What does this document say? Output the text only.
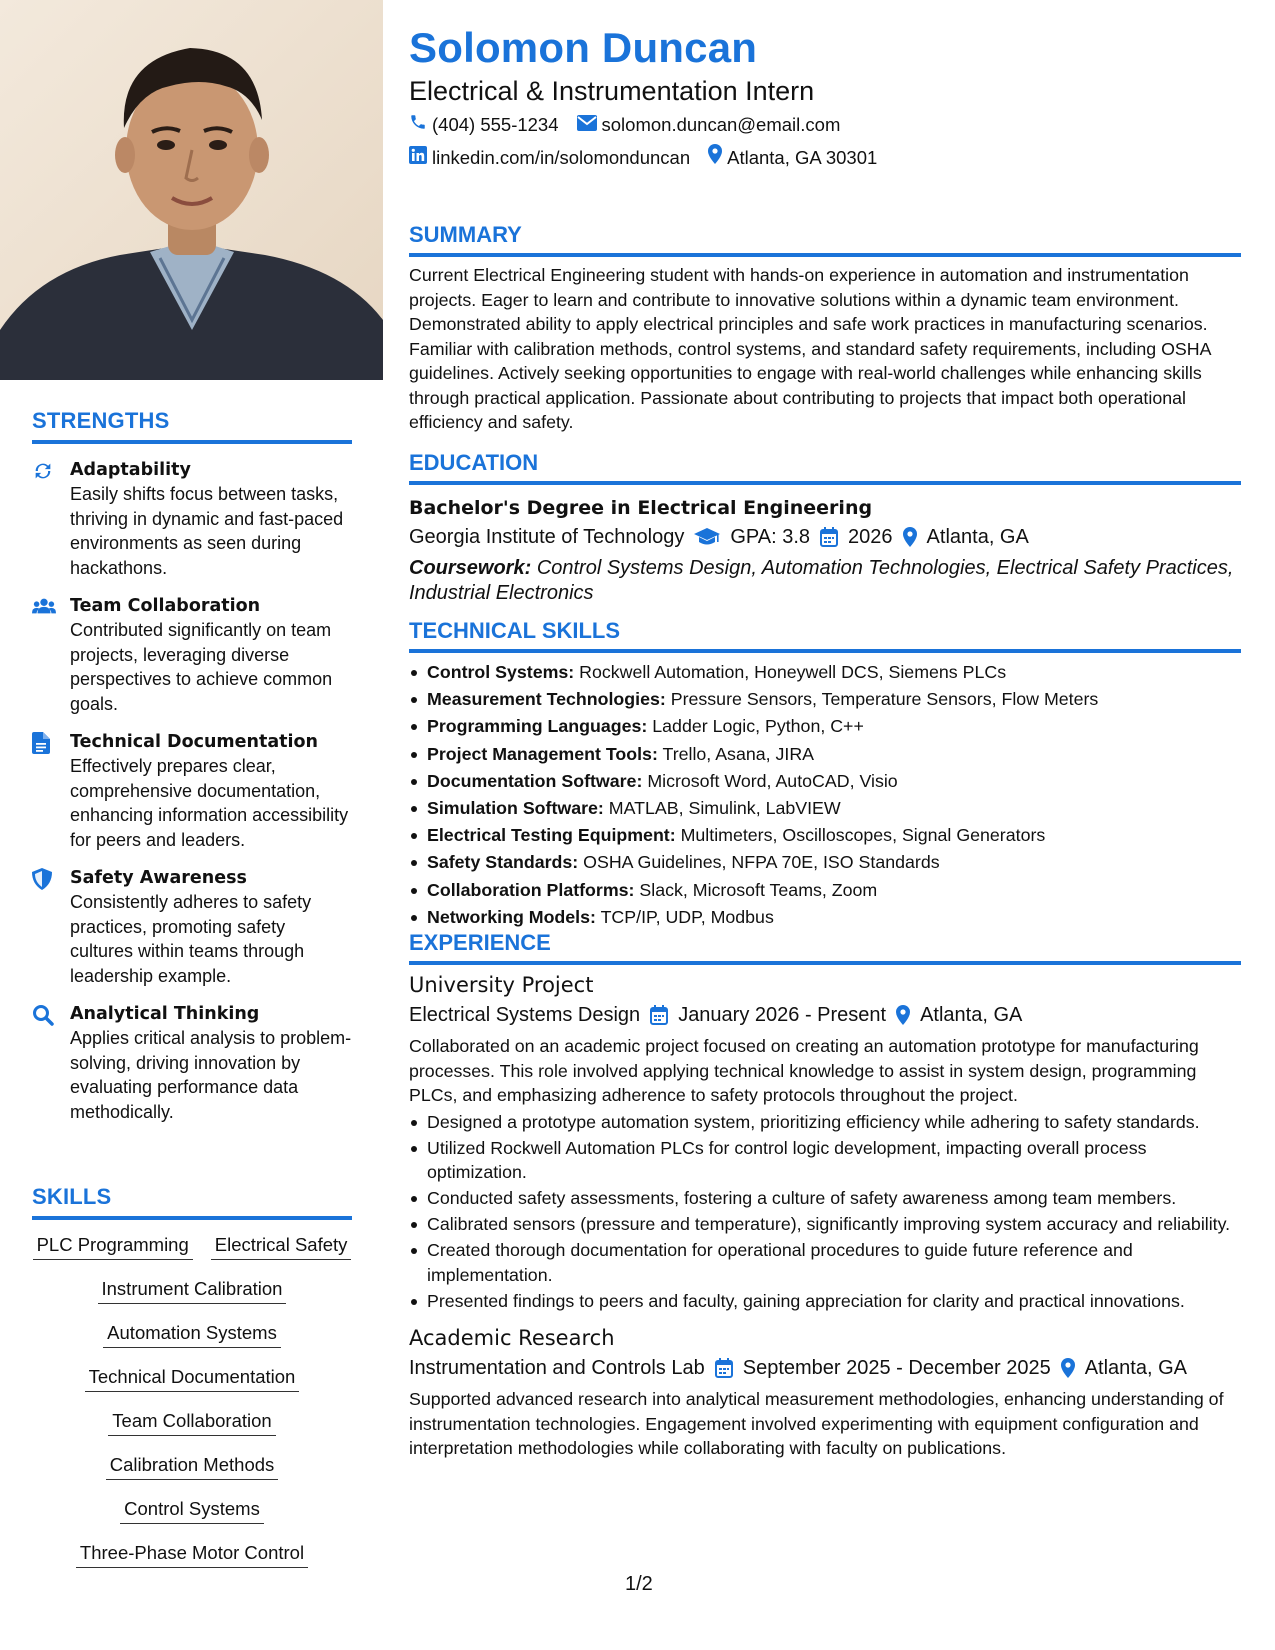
STRENGTHS
Adaptability
Easily shifts focus between tasks, thriving in dynamic and fast-paced environments as seen during hackathons.
Team Collaboration
Contributed significantly on team projects, leveraging diverse perspectives to achieve common goals.
Technical Documentation
Effectively prepares clear, comprehensive documentation, enhancing information accessibility for peers and leaders.
Safety Awareness
Consistently adheres to safety practices, promoting safety cultures within teams through leadership example.
Analytical Thinking
Applies critical analysis to problem-solving, driving innovation by evaluating performance data methodically.
SKILLS
PLC Programming Electrical Safety
Instrument Calibration
Automation Systems
Technical Documentation
Team Collaboration
Calibration Methods
Control Systems
Three-Phase Motor Control
Solomon Duncan
Electrical & Instrumentation Intern
(404) 555-1234 solomon.duncan@email.com
linkedin.com/in/solomonduncan Atlanta, GA 30301
SUMMARY
Current Electrical Engineering student with hands-on experience in automation and instrumentation projects. Eager to learn and contribute to innovative solutions within a dynamic team environment. Demonstrated ability to apply electrical principles and safe work practices in manufacturing scenarios. Familiar with calibration methods, control systems, and standard safety requirements, including OSHA guidelines. Actively seeking opportunities to engage with real-world challenges while enhancing skills through practical application. Passionate about contributing to projects that impact both operational efficiency and safety.
EDUCATION
Bachelor's Degree in Electrical Engineering
Georgia Institute of Technology GPA: 3.8 2026 Atlanta, GA
Coursework: Control Systems Design, Automation Technologies, Electrical Safety Practices, Industrial Electronics
TECHNICAL SKILLS
Control Systems: Rockwell Automation, Honeywell DCS, Siemens PLCs
Measurement Technologies: Pressure Sensors, Temperature Sensors, Flow Meters
Programming Languages: Ladder Logic, Python, C++
Project Management Tools: Trello, Asana, JIRA
Documentation Software: Microsoft Word, AutoCAD, Visio
Simulation Software: MATLAB, Simulink, LabVIEW
Electrical Testing Equipment: Multimeters, Oscilloscopes, Signal Generators
Safety Standards: OSHA Guidelines, NFPA 70E, ISO Standards
Collaboration Platforms: Slack, Microsoft Teams, Zoom
Networking Models: TCP/IP, UDP, Modbus
EXPERIENCE
University Project
Electrical Systems Design January 2026 - Present Atlanta, GA
Collaborated on an academic project focused on creating an automation prototype for manufacturing processes. This role involved applying technical knowledge to assist in system design, programming PLCs, and emphasizing adherence to safety protocols throughout the project.
Designed a prototype automation system, prioritizing efficiency while adhering to safety standards.
Utilized Rockwell Automation PLCs for control logic development, impacting overall process optimization.
Conducted safety assessments, fostering a culture of safety awareness among team members.
Calibrated sensors (pressure and temperature), significantly improving system accuracy and reliability.
Created thorough documentation for operational procedures to guide future reference and implementation.
Presented findings to peers and faculty, gaining appreciation for clarity and practical innovations.
Academic Research
Instrumentation and Controls Lab September 2025 - December 2025 Atlanta, GA
Supported advanced research into analytical measurement methodologies, enhancing understanding of instrumentation technologies. Engagement involved experimenting with equipment configuration and interpretation methodologies while collaborating with faculty on publications.
1/2
